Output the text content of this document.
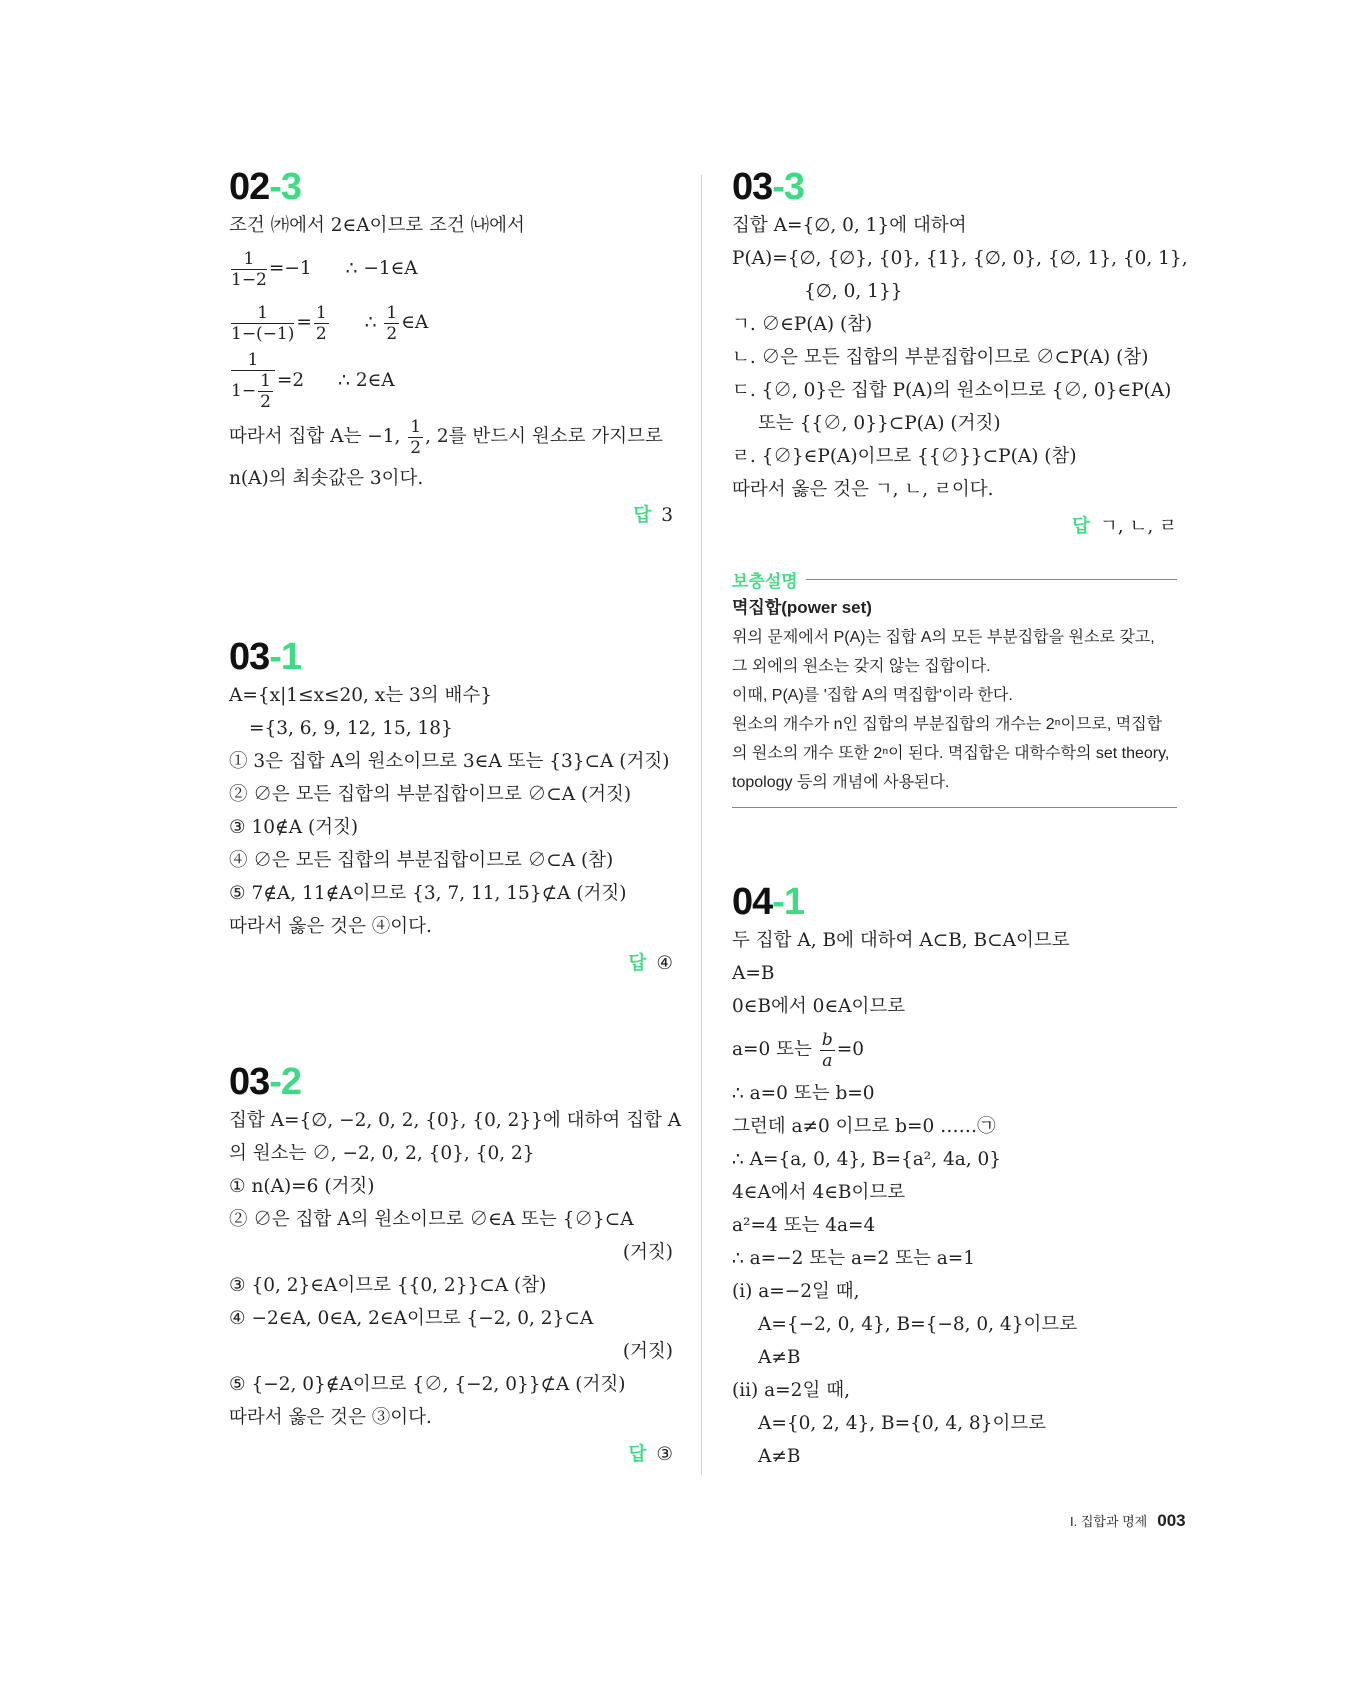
02-3
조건 ㈎에서 2∈A이므로 조건 ㈏에서
$\frac{1}{1-2} =-1$ ∴ −1∈A
$\frac{1}{1-(-1)} = \frac{1}{2}$ ∴ $\frac{1}{2}$ ∈A
$\frac{1}{1- \frac{1}{2}} =2$ ∴ 2∈A
따라서 집합 A는 −1, $\frac{1}{2}$ , 2를 반드시 원소로 가지므로
n(A)의 최솟값은 3이다.
답 3
03-1
A={x|1≤x≤20, x는 3의 배수}
={3, 6, 9, 12, 15, 18}
① 3은 집합 A의 원소이므로 3∈A 또는 {3}⊂A (거짓)
② ∅은 모든 집합의 부분집합이므로 ∅⊂A (거짓)
③ 10∉A (거짓)
④ ∅은 모든 집합의 부분집합이므로 ∅⊂A (참)
⑤ 7∉A, 11∉A이므로 {3, 7, 11, 15}⊄A (거짓)
따라서 옳은 것은 ④이다.
답 ④
03-2
집합 A={∅, −2, 0, 2, {0}, {0, 2}}에 대하여 집합 A
의 원소는 ∅, −2, 0, 2, {0}, {0, 2}
① n(A)=6 (거짓)
② ∅은 집합 A의 원소이므로 ∅∈A 또는 {∅}⊂A
(거짓)
③ {0, 2}∈A이므로 {{0, 2}}⊂A (참)
④ −2∈A, 0∈A, 2∈A이므로 {−2, 0, 2}⊂A
(거짓)
⑤ {−2, 0}∉A이므로 {∅, {−2, 0}}⊄A (거짓)
따라서 옳은 것은 ③이다.
답 ③
03-3
집합 A={∅, 0, 1}에 대하여
P(A)={∅, {∅}, {0}, {1}, {∅, 0}, {∅, 1}, {0, 1},
{∅, 0, 1}}
ㄱ. ∅∈P(A) (참)
ㄴ. ∅은 모든 집합의 부분집합이므로 ∅⊂P(A) (참)
ㄷ. {∅, 0}은 집합 P(A)의 원소이므로 {∅, 0}∈P(A)
또는 {{∅, 0}}⊂P(A) (거짓)
ㄹ. {∅}∈P(A)이므로 {{∅}}⊂P(A) (참)
따라서 옳은 것은 ㄱ, ㄴ, ㄹ이다.
답 ㄱ, ㄴ, ㄹ
보충설명
멱집합(power set)
위의 문제에서 P(A)는 집합 A의 모든 부분집합을 원소로 갖고,
그 외에의 원소는 갖지 않는 집합이다.
이때, P(A)를 '집합 A의 멱집합'이라 한다.
원소의 개수가 n인 집합의 부분집합의 개수는 2ⁿ이므로, 멱집합
의 원소의 개수 또한 2ⁿ이 된다. 멱집합은 대학수학의 set theory,
topology 등의 개념에 사용된다.
04-1
두 집합 A, B에 대하여 A⊂B, B⊂A이므로
A=B
0∈B에서 0∈A이므로
a=0 또는 $\frac{b}{a} =0$
∴ a=0 또는 b=0
그런데 a≠0 이므로 b=0 ……㉠
∴ A={a, 0, 4}, B={a², 4a, 0}
4∈A에서 4∈B이므로
a²=4 또는 4a=4
∴ a=−2 또는 a=2 또는 a=1
(ⅰ) a=−2일 때,
A={−2, 0, 4}, B={−8, 0, 4}이므로
A≠B
(ⅱ) a=2일 때,
A={0, 2, 4}, B={0, 4, 8}이므로
A≠B
I. 집합과 명제 003
